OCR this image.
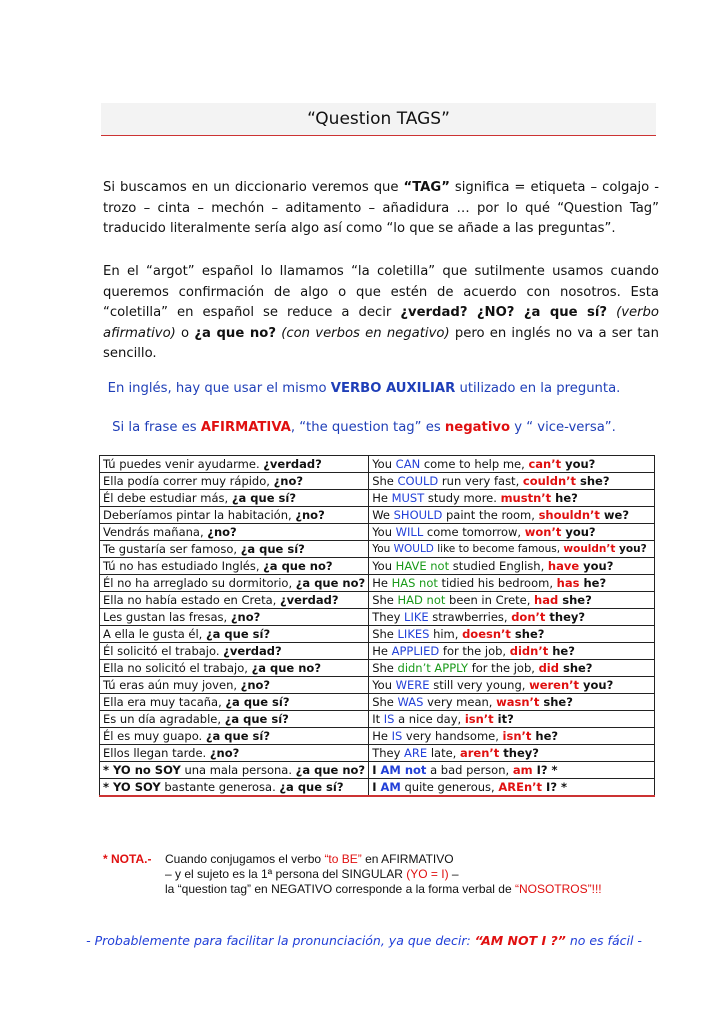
“Question TAGS”
Si buscamos en un diccionario veremos que “TAG” significa = etiqueta – colgajo - trozo – cinta – mechón – aditamento – añadidura … por lo qué “Question Tag” traducido literalmente sería algo así como “lo que se añade a las preguntas”.
En el “argot” español lo llamamos “la coletilla” que sutilmente usamos cuando queremos confirmación de algo o que estén de acuerdo con nosotros. Esta “coletilla” en español se reduce a decir ¿verdad? ¿NO? ¿a que sí? (verbo afirmativo) o ¿a que no? (con verbos en negativo) pero en inglés no va a ser tan sencillo.
En inglés, hay que usar el mismo VERBO AUXILIAR utilizado en la pregunta.
Si la frase es AFIRMATIVA, “the question tag” es negativo y “ vice-versa”.
Tú puedes venir ayudarme. ¿verdad?	You CAN come to help me, can’t you?
Ella podía correr muy rápido, ¿no?	She COULD run very fast, couldn’t she?
Él debe estudiar más, ¿a que sí?	He MUST study more. mustn’t he?
Deberíamos pintar la habitación, ¿no?	We SHOULD paint the room, shouldn’t we?
Vendrás mañana, ¿no?	You WILL come tomorrow, won’t you?
Te gustaría ser famoso, ¿a que sí?	You WOULD like to become famous, wouldn’t you?
Tú no has estudiado Inglés, ¿a que no?	You HAVE not studied English, have you?
Él no ha arreglado su dormitorio, ¿a que no?	He HAS not tidied his bedroom, has he?
Ella no había estado en Creta, ¿verdad?	She HAD not been in Crete, had she?
Les gustan las fresas, ¿no?	They LIKE strawberries, don’t they?
A ella le gusta él, ¿a que sí?	She LIKES him, doesn’t she?
Él solicitó el trabajo. ¿verdad?	He APPLIED for the job, didn’t he?
Ella no solicitó el trabajo, ¿a que no?	She didn’t APPLY for the job, did she?
Tú eras aún muy joven, ¿no?	You WERE still very young, weren’t you?
Ella era muy tacaña, ¿a que sí?	She WAS very mean, wasn’t she?
Es un día agradable, ¿a que sí?	It IS a nice day, isn’t it?
Él es muy guapo. ¿a que sí?	He IS very handsome, isn’t he?
Ellos llegan tarde. ¿no?	They ARE late, aren’t they?
* YO no SOY una mala persona. ¿a que no?	I AM not a bad person, am I? *
* YO SOY bastante generosa. ¿a que sí?	I AM quite generous, AREn’t I? *
* NOTA.- Cuando conjugamos el verbo “to BE” en AFIRMATIVO
– y el sujeto es la 1ª persona del SINGULAR (YO = I) –
la “question tag” en NEGATIVO corresponde a la forma verbal de “NOSOTROS”!!!
- Probablemente para facilitar la pronunciación, ya que decir: “AM NOT I ?” no es fácil -
